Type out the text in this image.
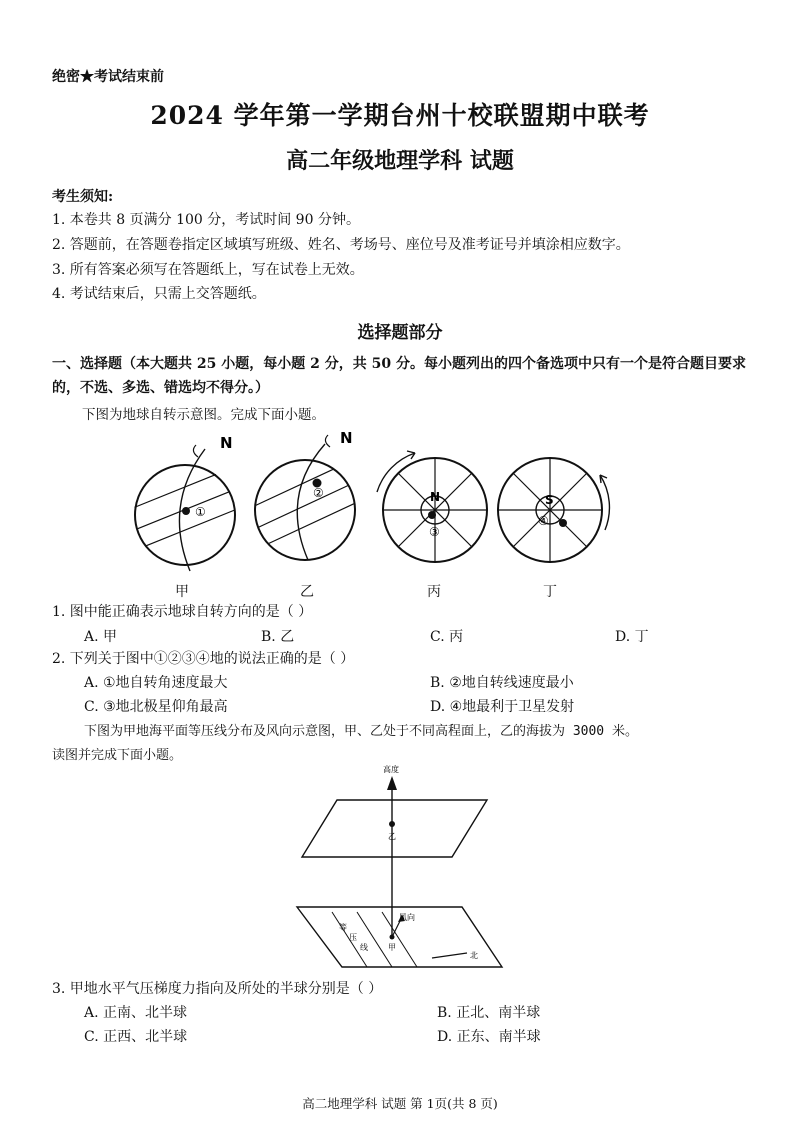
绝密★考试结束前
2024 学年第一学期台州十校联盟期中联考
高二年级地理学科 试题
考生须知:
1. 本卷共 8 页满分 100 分，考试时间 90 分钟。
2. 答题前，在答题卷指定区域填写班级、姓名、考场号、座位号及准考证号并填涂相应数字。
3. 所有答案必须写在答题纸上，写在试卷上无效。
4. 考试结束后，只需上交答题纸。
选择题部分
一、选择题（本大题共 25 小题，每小题 2 分，共 50 分。每小题列出的四个备选项中只有一个是符合题目要求的，不选、多选、错选均不得分。）
下图为地球自转示意图。完成下面小题。
①
N
②
N
N
③
S
④
甲	乙	丙	丁
1. 图中能正确表示地球自转方向的是（ ）
A. 甲	B. 乙	C. 丙	D. 丁
2. 下列关于图中①②③④地的说法正确的是（ ）
A. ①地自转角速度最大	B. ②地自转线速度最小
C. ③地北极星仰角最高	D. ④地最利于卫星发射
下图为甲地海平面等压线分布及风向示意图，甲、乙处于不同高程面上，乙的海拔为 3000 米。
读图并完成下面小题。
高度
乙
风向
甲
等
压
线
北
3. 甲地水平气压梯度力指向及所处的半球分别是（ ）
A. 正南、北半球	B. 正北、南半球
C. 正西、北半球	D. 正东、南半球
高二地理学科 试题 第 1页(共 8 页)
